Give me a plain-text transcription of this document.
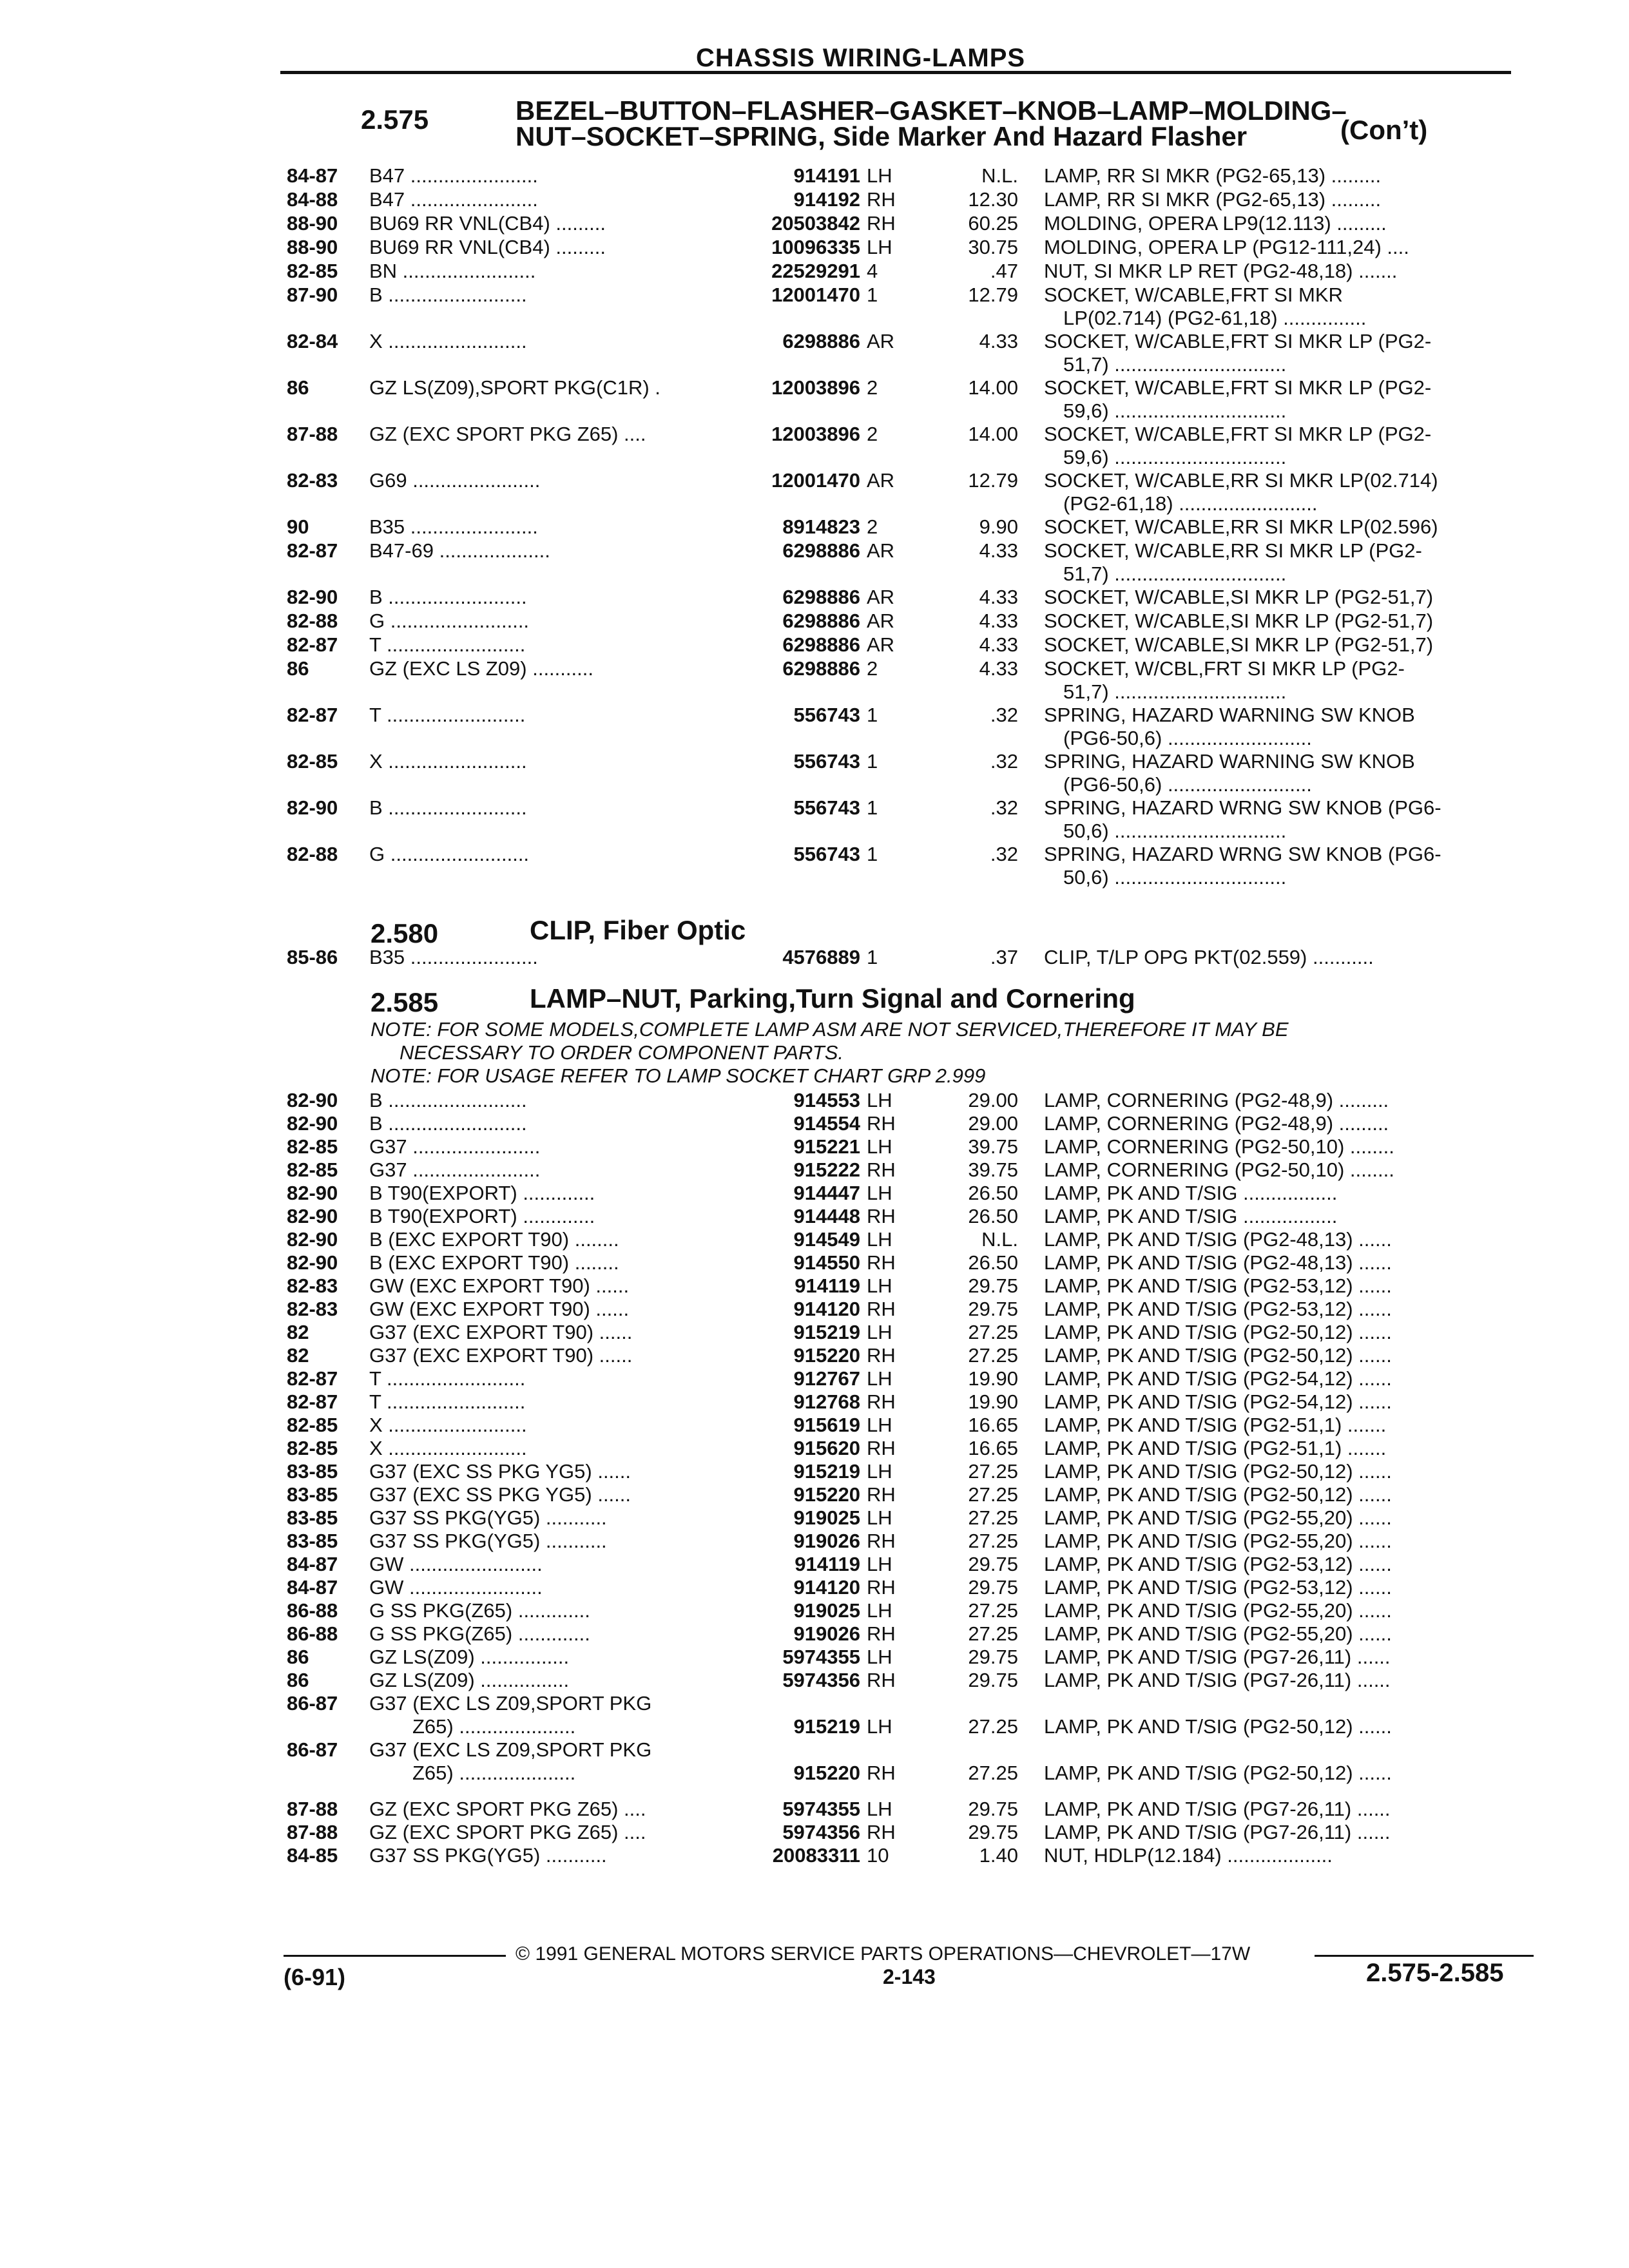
CHASSIS WIRING-LAMPS
2.575	BEZEL–BUTTON–FLASHER–GASKET–KNOB–LAMP–MOLDING–
NUT–SOCKET–SPRING, Side Marker And Hazard Flasher	(Con’t)
84-87 B47 .......................	914191 LH	N.L. LAMP, RR SI MKR (PG2-65,13) .........
84-88 B47 .......................	914192 RH	12.30 LAMP, RR SI MKR (PG2-65,13) .........
88-90 BU69 RR VNL(CB4) .........	20503842 RH	60.25 MOLDING, OPERA LP9(12.113) .........
88-90 BU69 RR VNL(CB4) .........	10096335 LH	30.75 MOLDING, OPERA LP (PG12-111,24) ....
82-85 BN ........................	22529291 4	.47 NUT, SI MKR LP RET (PG2-48,18) .......
87-90 B .........................	12001470 1	12.79 SOCKET, W/CABLE,FRT SI MKR
LP(02.714) (PG2-61,18) ...............
82-84 X .........................	6298886 AR	4.33 SOCKET, W/CABLE,FRT SI MKR LP (PG2-
51,7) ...............................
86	GZ LS(Z09),SPORT PKG(C1R) .	12003896 2	14.00 SOCKET, W/CABLE,FRT SI MKR LP (PG2-
59,6) ...............................
87-88 GZ (EXC SPORT PKG Z65) ....	12003896 2	14.00 SOCKET, W/CABLE,FRT SI MKR LP (PG2-
59,6) ...............................
82-83 G69 .......................	12001470 AR	12.79 SOCKET, W/CABLE,RR SI MKR LP(02.714)
(PG2-61,18) .........................
90	B35 .......................	8914823 2	9.90 SOCKET, W/CABLE,RR SI MKR LP(02.596)
82-87 B47-69 ....................	6298886 AR	4.33 SOCKET, W/CABLE,RR SI MKR LP (PG2-
51,7) ...............................
82-90 B .........................	6298886 AR	4.33 SOCKET, W/CABLE,SI MKR LP (PG2-51,7)
82-88 G .........................	6298886 AR	4.33 SOCKET, W/CABLE,SI MKR LP (PG2-51,7)
82-87 T .........................	6298886 AR	4.33 SOCKET, W/CABLE,SI MKR LP (PG2-51,7)
86	GZ (EXC LS Z09) ...........	6298886 2	4.33 SOCKET, W/CBL,FRT SI MKR LP (PG2-
51,7) ...............................
82-87 T .........................	556743 1	.32 SPRING, HAZARD WARNING SW KNOB
(PG6-50,6) ..........................
82-85 X .........................	556743 1	.32 SPRING, HAZARD WARNING SW KNOB
(PG6-50,6) ..........................
82-90 B .........................	556743 1	.32 SPRING, HAZARD WRNG SW KNOB (PG6-
50,6) ...............................
82-88 G .........................	556743 1	.32 SPRING, HAZARD WRNG SW KNOB (PG6-
50,6) ...............................
2.580	CLIP, Fiber Optic
85-86 B35 .......................	4576889 1	.37 CLIP, T/LP OPG PKT(02.559) ...........
2.585	LAMP–NUT, Parking,Turn Signal and Cornering
NOTE: FOR SOME MODELS,COMPLETE LAMP ASM ARE NOT SERVICED,THEREFORE IT MAY BE
NECESSARY TO ORDER COMPONENT PARTS.
NOTE: FOR USAGE REFER TO LAMP SOCKET CHART GRP 2.999
82-90 B .........................	914553 LH	29.00 LAMP, CORNERING (PG2-48,9) .........
82-90 B .........................	914554 RH	29.00 LAMP, CORNERING (PG2-48,9) .........
82-85 G37 .......................	915221 LH	39.75 LAMP, CORNERING (PG2-50,10) ........
82-85 G37 .......................	915222 RH	39.75 LAMP, CORNERING (PG2-50,10) ........
82-90 B T90(EXPORT) .............	914447 LH	26.50 LAMP, PK AND T/SIG .................
82-90 B T90(EXPORT) .............	914448 RH	26.50 LAMP, PK AND T/SIG .................
82-90 B (EXC EXPORT T90) ........	914549 LH	N.L. LAMP, PK AND T/SIG (PG2-48,13) ......
82-90 B (EXC EXPORT T90) ........	914550 RH	26.50 LAMP, PK AND T/SIG (PG2-48,13) ......
82-83 GW (EXC EXPORT T90) ......	914119 LH	29.75 LAMP, PK AND T/SIG (PG2-53,12) ......
82-83 GW (EXC EXPORT T90) ......	914120 RH	29.75 LAMP, PK AND T/SIG (PG2-53,12) ......
82	G37 (EXC EXPORT T90) ......	915219 LH	27.25 LAMP, PK AND T/SIG (PG2-50,12) ......
82	G37 (EXC EXPORT T90) ......	915220 RH	27.25 LAMP, PK AND T/SIG (PG2-50,12) ......
82-87 T .........................	912767 LH	19.90 LAMP, PK AND T/SIG (PG2-54,12) ......
82-87 T .........................	912768 RH	19.90 LAMP, PK AND T/SIG (PG2-54,12) ......
82-85 X .........................	915619 LH	16.65 LAMP, PK AND T/SIG (PG2-51,1) .......
82-85 X .........................	915620 RH	16.65 LAMP, PK AND T/SIG (PG2-51,1) .......
83-85 G37 (EXC SS PKG YG5) ......	915219 LH	27.25 LAMP, PK AND T/SIG (PG2-50,12) ......
83-85 G37 (EXC SS PKG YG5) ......	915220 RH	27.25 LAMP, PK AND T/SIG (PG2-50,12) ......
83-85 G37 SS PKG(YG5) ...........	919025 LH	27.25 LAMP, PK AND T/SIG (PG2-55,20) ......
83-85 G37 SS PKG(YG5) ...........	919026 RH	27.25 LAMP, PK AND T/SIG (PG2-55,20) ......
84-87 GW ........................	914119 LH	29.75 LAMP, PK AND T/SIG (PG2-53,12) ......
84-87 GW ........................	914120 RH	29.75 LAMP, PK AND T/SIG (PG2-53,12) ......
86-88 G SS PKG(Z65) .............	919025 LH	27.25 LAMP, PK AND T/SIG (PG2-55,20) ......
86-88 G SS PKG(Z65) .............	919026 RH	27.25 LAMP, PK AND T/SIG (PG2-55,20) ......
86	GZ LS(Z09) ................	5974355 LH	29.75 LAMP, PK AND T/SIG (PG7-26,11) ......
86	GZ LS(Z09) ................	5974356 RH	29.75 LAMP, PK AND T/SIG (PG7-26,11) ......
86-87 G37 (EXC LS Z09,SPORT PKG
Z65) .....................	915219 LH	27.25 LAMP, PK AND T/SIG (PG2-50,12) ......
86-87 G37 (EXC LS Z09,SPORT PKG
Z65) .....................	915220 RH	27.25 LAMP, PK AND T/SIG (PG2-50,12) ......
87-88 GZ (EXC SPORT PKG Z65) ....	5974355 LH	29.75 LAMP, PK AND T/SIG (PG7-26,11) ......
87-88 GZ (EXC SPORT PKG Z65) ....	5974356 RH	29.75 LAMP, PK AND T/SIG (PG7-26,11) ......
84-85 G37 SS PKG(YG5) ...........	20083311 10	1.40 NUT, HDLP(12.184) ...................
© 1991 GENERAL MOTORS SERVICE PARTS OPERATIONS—CHEVROLET—17W
(6-91)	2-143	2.575-2.585
